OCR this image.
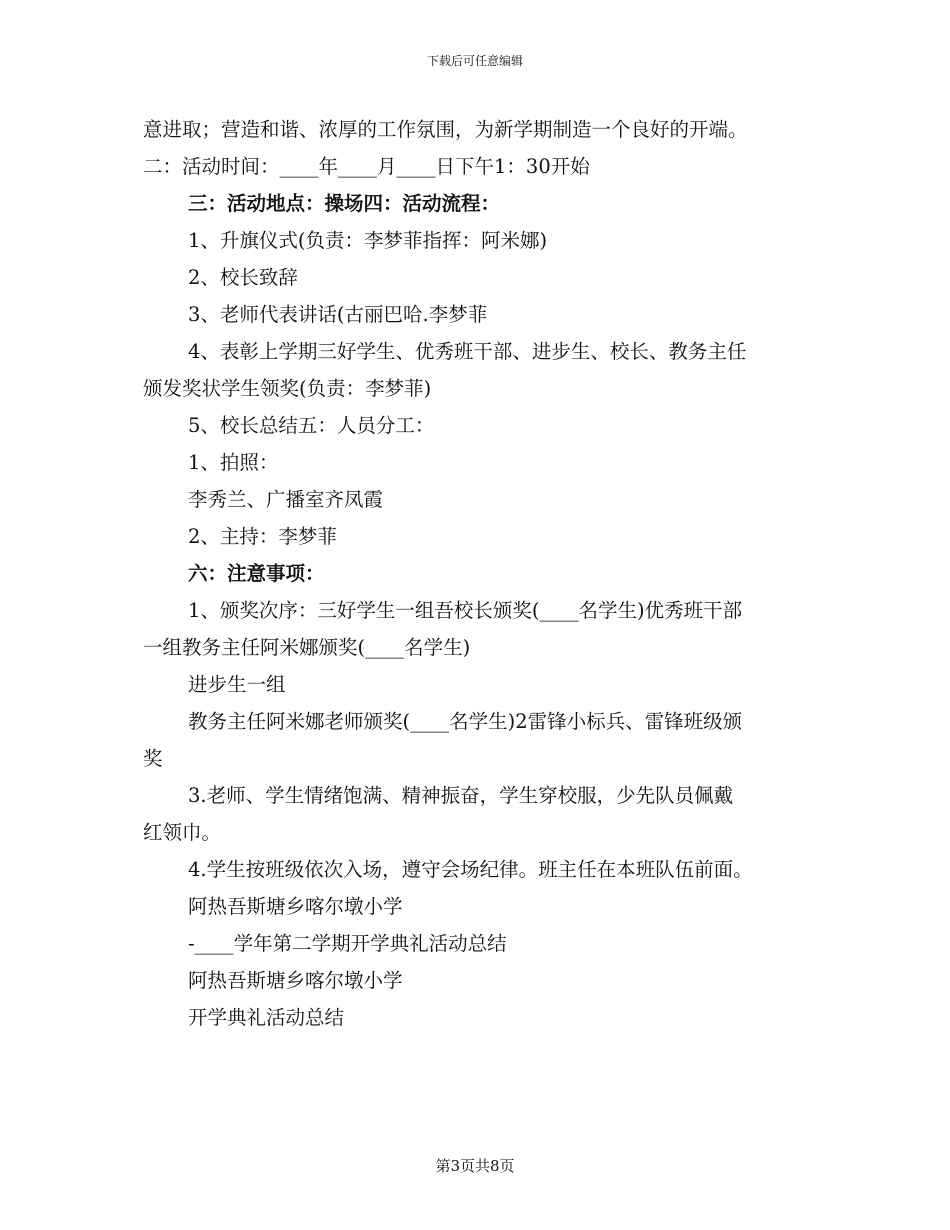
下载后可任意编辑
意进取；营造和谐、浓厚的工作氛围，为新学期制造一个良好的开端。
二：活动时间：____年____月____日下午1：30开始
三：活动地点：操场四：活动流程：
1、升旗仪式(负责：李梦菲指挥：阿米娜)
2、校长致辞
3、老师代表讲话(古丽巴哈.李梦菲
4、表彰上学期三好学生、优秀班干部、进步生、校长、教务主任
颁发奖状学生领奖(负责：李梦菲)
5、校长总结五：人员分工：
1、拍照：
李秀兰、广播室齐凤霞
2、主持：李梦菲
六：注意事项：
1、颁奖次序：三好学生一组吾校长颁奖(____名学生)优秀班干部
一组教务主任阿米娜颁奖(____名学生)
进步生一组
教务主任阿米娜老师颁奖(____名学生)2雷锋小标兵、雷锋班级颁
奖
3.老师、学生情绪饱满、精神振奋，学生穿校服，少先队员佩戴
红领巾。
4.学生按班级依次入场，遵守会场纪律。班主任在本班队伍前面。
阿热吾斯塘乡喀尔墩小学
-____学年第二学期开学典礼活动总结
阿热吾斯塘乡喀尔墩小学
开学典礼活动总结
第3页共8页
